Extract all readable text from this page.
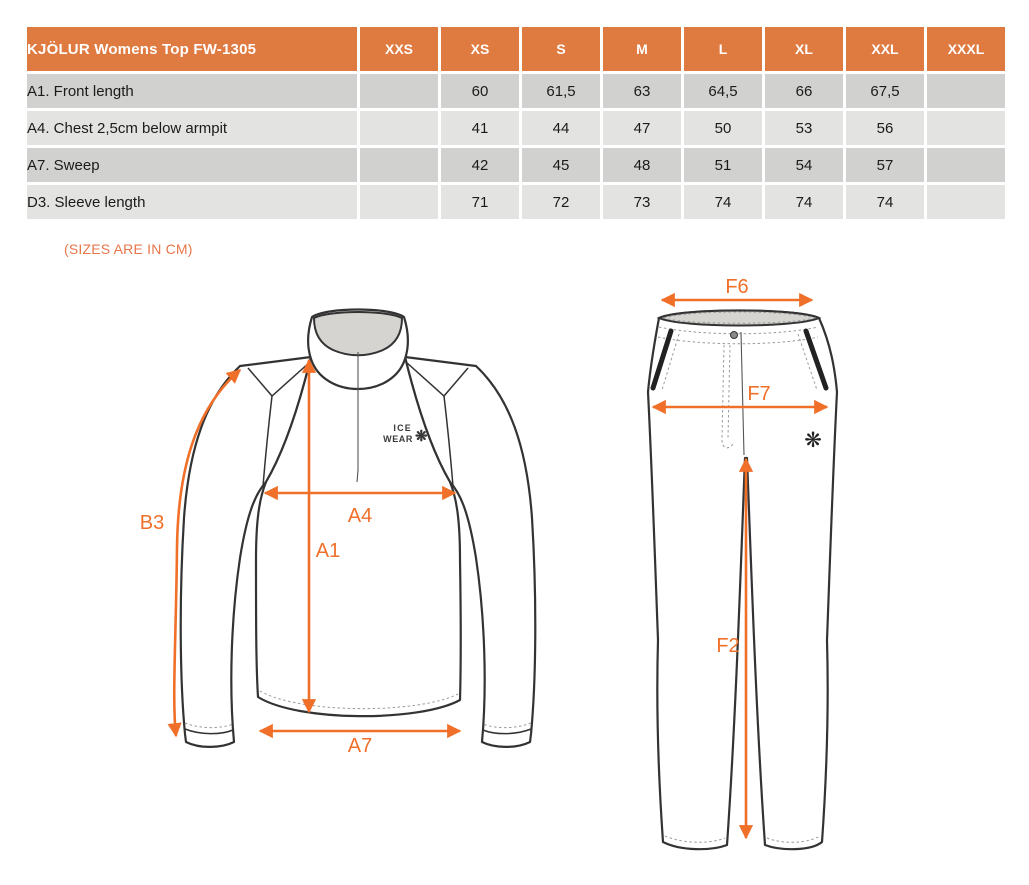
KJÖLUR Womens Top FW-1305	XXS	XS	S	M	L	XL	XXL	XXXL
A1. Front length		60	61,5	63	64,5	66	67,5	
A4. Chest 2,5cm below armpit		41	44	47	50	53	56	
A7. Sweep		42	45	48	51	54	57	
D3. Sleeve length		71	72	73	74	74	74	
(SIZES ARE IN CM)
ICE
WEAR ❋
B3	A4
A1
A7
❋
F6
F7
F2
